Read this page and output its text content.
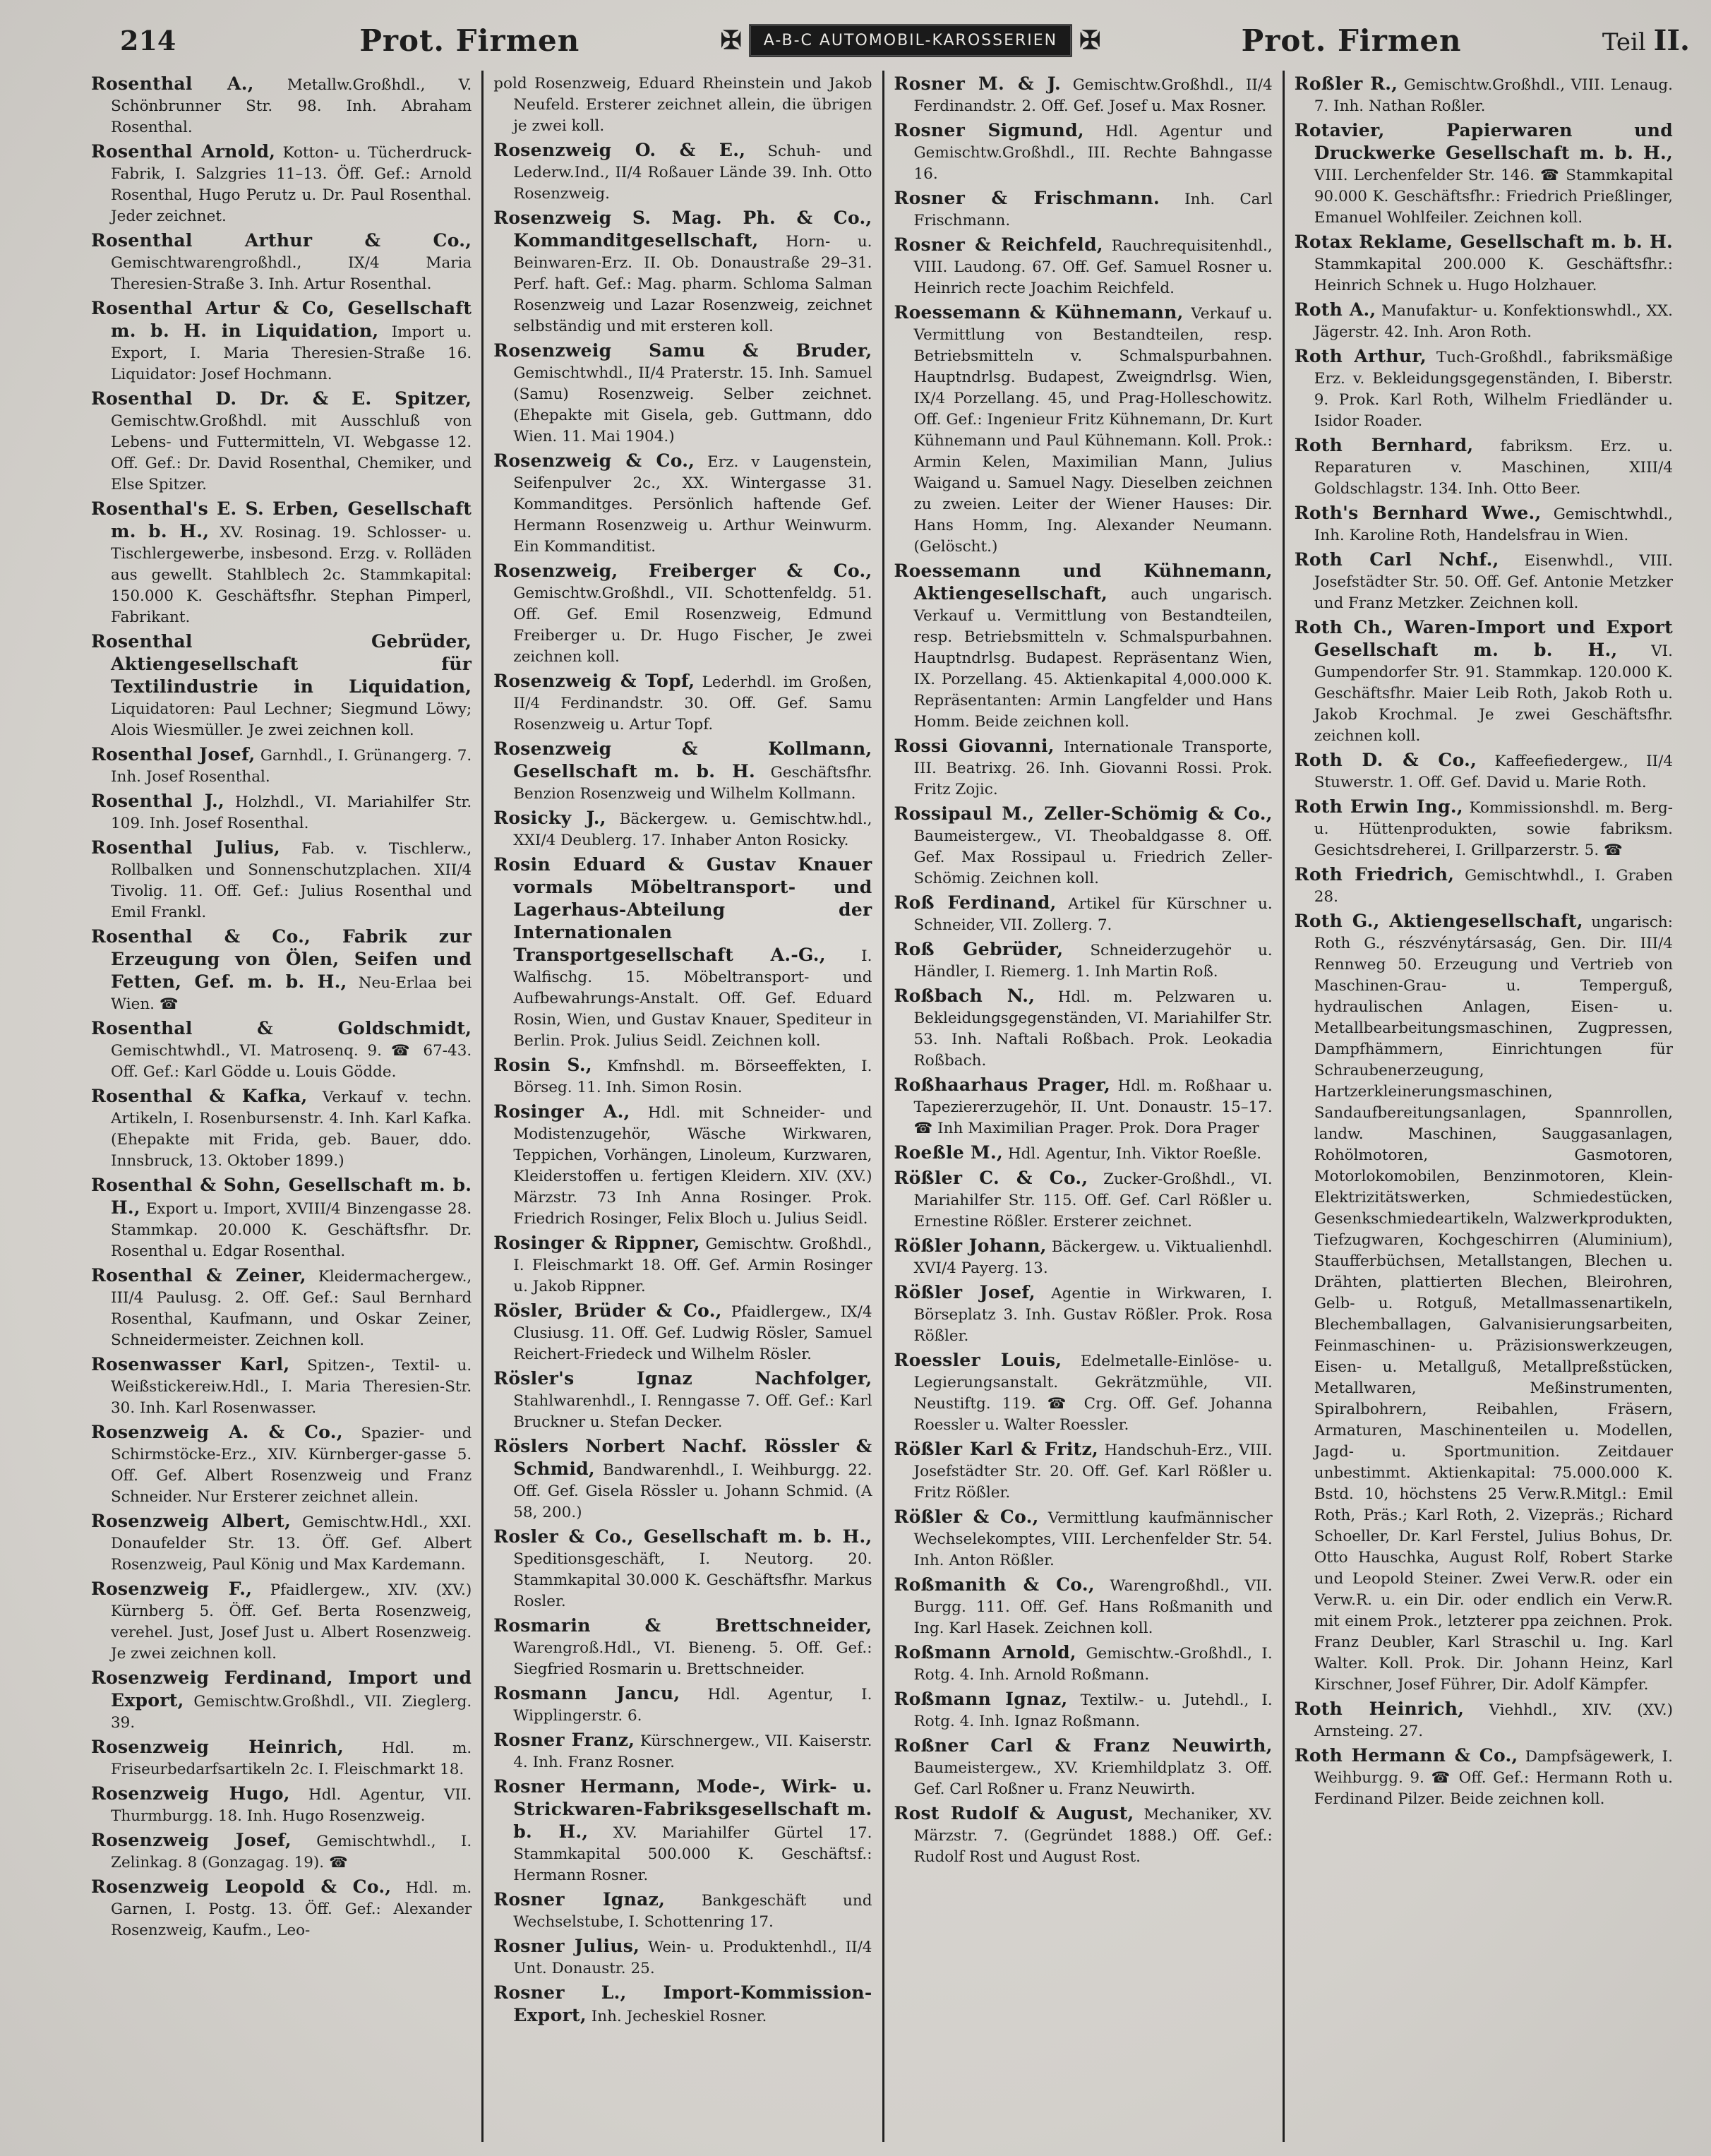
214	Prot. Firmen	✠	A-B-C AUTOMOBIL-KAROSSERIEN ✠	Prot. Firmen	Teil II.

Rosenthal A., Metallw.Großhdl., V. Schönbrunner Str. 98. Inh. Abraham Rosenthal.

Rosenthal Arnold, Kotton- u. Tücherdruck-Fabrik, I. Salzgries 11–13. Öff. Gef.: Arnold Rosenthal, Hugo Perutz u. Dr. Paul Rosenthal. Jeder zeichnet.

Rosenthal Arthur & Co., Gemischtwarengroßhdl., IX/4 Maria Theresien-Straße 3. Inh. Artur Rosenthal.

Rosenthal Artur & Co, Gesellschaft m. b. H. in Liquidation, Import u. Export, I. Maria Theresien-Straße 16. Liquidator: Josef Hochmann.

Rosenthal D. Dr. & E. Spitzer, Gemischtw.Großhdl. mit Ausschluß von Lebens- und Futtermitteln, VI. Webgasse 12. Off. Gef.: Dr. David Rosenthal, Chemiker, und Else Spitzer.

Rosenthal's E. S. Erben, Gesellschaft m. b. H., XV. Rosinag. 19. Schlosser- u. Tischlergewerbe, insbesond. Erzg. v. Rolläden aus gewellt. Stahlblech 2c. Stammkapital: 150.000 K. Geschäftsfhr. Stephan Pimperl, Fabrikant.

Rosenthal Gebrüder, Aktiengesellschaft für Textilindustrie in Liquidation, Liquidatoren: Paul Lechner; Siegmund Löwy; Alois Wiesmüller. Je zwei zeichnen koll.

Rosenthal Josef, Garnhdl., I. Grünangerg. 7. Inh. Josef Rosenthal.

Rosenthal J., Holzhdl., VI. Mariahilfer Str. 109. Inh. Josef Rosenthal.

Rosenthal Julius, Fab. v. Tischlerw., Rollbalken und Sonnenschutzplachen. XII/4 Tivolig. 11. Off. Gef.: Julius Rosenthal und Emil Frankl.

Rosenthal & Co., Fabrik zur Erzeugung von Ölen, Seifen und Fetten, Gef. m. b. H., Neu-Erlaa bei Wien. ☎

Rosenthal & Goldschmidt, Gemischtwhdl., VI. Matrosenq. 9. ☎ 67-43. Off. Gef.: Karl Gödde u. Louis Gödde.

Rosenthal & Kafka, Verkauf v. techn. Artikeln, I. Rosenbursenstr. 4. Inh. Karl Kafka. (Ehepakte mit Frida, geb. Bauer, ddo. Innsbruck, 13. Oktober 1899.)

Rosenthal & Sohn, Gesellschaft m. b. H., Export u. Import, XVIII/4 Binzengasse 28. Stammkap. 20.000 K. Geschäftsfhr. Dr. Rosenthal u. Edgar Rosenthal.

Rosenthal & Zeiner, Kleidermachergew., III/4 Paulusg. 2. Off. Gef.: Saul Bernhard Rosenthal, Kaufmann, und Oskar Zeiner, Schneidermeister. Zeichnen koll.

Rosenwasser Karl, Spitzen-, Textil- u. Weißstickereiw.Hdl., I. Maria Theresien-Str. 30. Inh. Karl Rosenwasser.

Rosenzweig A. & Co., Spazier- und Schirmstöcke-Erz., XIV. Kürnberger-gasse 5. Off. Gef. Albert Rosenzweig und Franz Schneider. Nur Ersterer zeichnet allein.

Rosenzweig Albert, Gemischtw.Hdl., XXI. Donaufelder Str. 13. Öff. Gef. Albert Rosenzweig, Paul König und Max Kardemann.

Rosenzweig F., Pfaidlergew., XIV. (XV.) Kürnberg 5. Öff. Gef. Berta Rosenzweig, verehel. Just, Josef Just u. Albert Rosenzweig. Je zwei zeichnen koll.

Rosenzweig Ferdinand, Import und Export, Gemischtw.Großhdl., VII. Zieglerg. 39.

Rosenzweig Heinrich, Hdl. m. Friseurbedarfsartikeln 2c. I. Fleischmarkt 18.

Rosenzweig Hugo, Hdl. Agentur, VII. Thurmburgg. 18. Inh. Hugo Rosenzweig.

Rosenzweig Josef, Gemischtwhdl., I. Zelinkag. 8 (Gonzagag. 19). ☎

Rosenzweig Leopold & Co., Hdl. m. Garnen, I. Postg. 13. Öff. Gef.: Alexander Rosenzweig, Kaufm., Leo-

pold Rosenzweig, Eduard Rheinstein und Jakob Neufeld. Ersterer zeichnet allein, die übrigen je zwei koll.

Rosenzweig O. & E., Schuh- und Lederw.Ind., II/4 Roßauer Lände 39. Inh. Otto Rosenzweig.

Rosenzweig S. Mag. Ph. & Co., Kommanditgesellschaft, Horn- u. Beinwaren-Erz. II. Ob. Donaustraße 29–31. Perf. haft. Gef.: Mag. pharm. Schloma Salman Rosenzweig und Lazar Rosenzweig, zeichnet selbständig und mit ersteren koll.

Rosenzweig Samu & Bruder, Gemischtwhdl., II/4 Praterstr. 15. Inh. Samuel (Samu) Rosenzweig. Selber zeichnet. (Ehepakte mit Gisela, geb. Guttmann, ddo Wien. 11. Mai 1904.)

Rosenzweig & Co., Erz. v Laugenstein, Seifenpulver 2c., XX. Wintergasse 31. Kommanditges. Persönlich haftende Gef. Hermann Rosenzweig u. Arthur Weinwurm. Ein Kommanditist.

Rosenzweig, Freiberger & Co., Gemischtw.Großhdl., VII. Schottenfeldg. 51. Off. Gef. Emil Rosenzweig, Edmund Freiberger u. Dr. Hugo Fischer, Je zwei zeichnen koll.

Rosenzweig & Topf, Lederhdl. im Großen, II/4 Ferdinandstr. 30. Off. Gef. Samu Rosenzweig u. Artur Topf.

Rosenzweig & Kollmann, Gesellschaft m. b. H. Geschäftsfhr. Benzion Rosenzweig und Wilhelm Kollmann.

Rosicky J., Bäckergew. u. Gemischtw.hdl., XXI/4 Deublerg. 17. Inhaber Anton Rosicky.

Rosin Eduard & Gustav Knauer vormals Möbeltransport- und Lagerhaus-Abteilung der Internationalen Transportgesellschaft A.-G., I. Walfischg. 15. Möbeltransport- und Aufbewahrungs-Anstalt. Off. Gef. Eduard Rosin, Wien, und Gustav Knauer, Spediteur in Berlin. Prok. Julius Seidl. Zeichnen koll.

Rosin S., Kmfnshdl. m. Börseeffekten, I. Börseg. 11. Inh. Simon Rosin.

Rosinger A., Hdl. mit Schneider- und Modistenzugehör, Wäsche Wirkwaren, Teppichen, Vorhängen, Linoleum, Kurzwaren, Kleiderstoffen u. fertigen Kleidern. XIV. (XV.) Märzstr. 73 Inh Anna Rosinger. Prok. Friedrich Rosinger, Felix Bloch u. Julius Seidl.

Rosinger & Rippner, Gemischtw. Großhdl., I. Fleischmarkt 18. Off. Gef. Armin Rosinger u. Jakob Rippner.

Rösler, Brüder & Co., Pfaidlergew., IX/4 Clusiusg. 11. Off. Gef. Ludwig Rösler, Samuel Reichert-Friedeck und Wilhelm Rösler.

Rösler's Ignaz Nachfolger, Stahlwarenhdl., I. Renngasse 7. Off. Gef.: Karl Bruckner u. Stefan Decker.

Röslers Norbert Nachf. Rössler & Schmid, Bandwarenhdl., I. Weihburgg. 22. Off. Gef. Gisela Rössler u. Johann Schmid. (A 58, 200.)

Rosler & Co., Gesellschaft m. b. H., Speditionsgeschäft, I. Neutorg. 20. Stammkapital 30.000 K. Geschäftsfhr. Markus Rosler.

Rosmarin & Brettschneider, Warengroß.Hdl., VI. Bieneng. 5. Off. Gef.: Siegfried Rosmarin u. Brettschneider.

Rosmann Jancu, Hdl. Agentur, I. Wipplingerstr. 6.

Rosner Franz, Kürschnergew., VII. Kaiserstr. 4. Inh. Franz Rosner.

Rosner Hermann, Mode-, Wirk- u. Strickwaren-Fabriksgesellschaft m. b. H., XV. Mariahilfer Gürtel 17. Stammkapital 500.000 K. Geschäftsf.: Hermann Rosner.

Rosner Ignaz, Bankgeschäft und Wechselstube, I. Schottenring 17.

Rosner Julius, Wein- u. Produktenhdl., II/4 Unt. Donaustr. 25.

Rosner L., Import-Kommission-Export, Inh. Jecheskiel Rosner.

Rosner M. & J. Gemischtw.Großhdl., II/4 Ferdinandstr. 2. Off. Gef. Josef u. Max Rosner.

Rosner Sigmund, Hdl. Agentur und Gemischtw.Großhdl., III. Rechte Bahngasse 16.

Rosner & Frischmann. Inh. Carl Frischmann.

Rosner & Reichfeld, Rauchrequisitenhdl., VIII. Laudong. 67. Off. Gef. Samuel Rosner u. Heinrich recte Joachim Reichfeld.

Roessemann & Kühnemann, Verkauf u. Vermittlung von Bestandteilen, resp. Betriebsmitteln v. Schmalspurbahnen. Hauptndrlsg. Budapest, Zweigndrlsg. Wien, IX/4 Porzellang. 45, und Prag-Holleschowitz. Off. Gef.: Ingenieur Fritz Kühnemann, Dr. Kurt Kühnemann und Paul Kühnemann. Koll. Prok.: Armin Kelen, Maximilian Mann, Julius Waigand u. Samuel Nagy. Dieselben zeichnen zu zweien. Leiter der Wiener Hauses: Dir. Hans Homm, Ing. Alexander Neumann. (Gelöscht.)

Roessemann und Kühnemann, Aktiengesellschaft, auch ungarisch. Verkauf u. Vermittlung von Bestandteilen, resp. Betriebsmitteln v. Schmalspurbahnen. Hauptndrlsg. Budapest. Repräsentanz Wien, IX. Porzellang. 45. Aktienkapital 4,000.000 K. Repräsentanten: Armin Langfelder und Hans Homm. Beide zeichnen koll.

Rossi Giovanni, Internationale Transporte, III. Beatrixg. 26. Inh. Giovanni Rossi. Prok. Fritz Zojic.

Rossipaul M., Zeller-Schömig & Co., Baumeistergew., VI. Theobaldgasse 8. Off. Gef. Max Rossipaul u. Friedrich Zeller-Schömig. Zeichnen koll.

Roß Ferdinand, Artikel für Kürschner u. Schneider, VII. Zollerg. 7.

Roß Gebrüder, Schneiderzugehör u. Händler, I. Riemerg. 1. Inh Martin Roß.

Roßbach N., Hdl. m. Pelzwaren u. Bekleidungsgegenständen, VI. Mariahilfer Str. 53. Inh. Naftali Roßbach. Prok. Leokadia Roßbach.

Roßhaarhaus Prager, Hdl. m. Roßhaar u. Tapeziererzugehör, II. Unt. Donaustr. 15–17. ☎ Inh Maximilian Prager. Prok. Dora Prager

Roeßle M., Hdl. Agentur, Inh. Viktor Roeßle.

Rößler C. & Co., Zucker-Großhdl., VI. Mariahilfer Str. 115. Off. Gef. Carl Rößler u. Ernestine Rößler. Ersterer zeichnet.

Rößler Johann, Bäckergew. u. Viktualienhdl. XVI/4 Payerg. 13.

Rößler Josef, Agentie in Wirkwaren, I. Börseplatz 3. Inh. Gustav Rößler. Prok. Rosa Rößler.

Roessler Louis, Edelmetalle-Einlöse- u. Legierungsanstalt. Gekrätzmühle, VII. Neustiftg. 119. ☎ Crg. Off. Gef. Johanna Roessler u. Walter Roessler.

Rößler Karl & Fritz, Handschuh-Erz., VIII. Josefstädter Str. 20. Off. Gef. Karl Rößler u. Fritz Rößler.

Rößler & Co., Vermittlung kaufmännischer Wechselekomptes, VIII. Lerchenfelder Str. 54. Inh. Anton Rößler.

Roßmanith & Co., Warengroßhdl., VII. Burgg. 111. Off. Gef. Hans Roßmanith und Ing. Karl Hasek. Zeichnen koll.

Roßmann Arnold, Gemischtw.-Großhdl., I. Rotg. 4. Inh. Arnold Roßmann.

Roßmann Ignaz, Textilw.- u. Jutehdl., I. Rotg. 4. Inh. Ignaz Roßmann.

Roßner Carl & Franz Neuwirth, Baumeistergew., XV. Kriemhildplatz 3. Off. Gef. Carl Roßner u. Franz Neuwirth.

Rost Rudolf & August, Mechaniker, XV. Märzstr. 7. (Gegründet 1888.) Off. Gef.: Rudolf Rost und August Rost.

Roßler R., Gemischtw.Großhdl., VIII. Lenaug. 7. Inh. Nathan Roßler.

Rotavier, Papierwaren und Druckwerke Gesellschaft m. b. H., VIII. Lerchenfelder Str. 146. ☎ Stammkapital 90.000 K. Geschäftsfhr.: Friedrich Prießlinger, Emanuel Wohlfeiler. Zeichnen koll.

Rotax Reklame, Gesellschaft m. b. H. Stammkapital 200.000 K. Geschäftsfhr.: Heinrich Schnek u. Hugo Holzhauer.

Roth A., Manufaktur- u. Konfektionswhdl., XX. Jägerstr. 42. Inh. Aron Roth.

Roth Arthur, Tuch-Großhdl., fabriksmäßige Erz. v. Bekleidungsgegenständen, I. Biberstr. 9. Prok. Karl Roth, Wilhelm Friedländer u. Isidor Roader.

Roth Bernhard, fabriksm. Erz. u. Reparaturen v. Maschinen, XIII/4 Goldschlagstr. 134. Inh. Otto Beer.

Roth's Bernhard Wwe., Gemischtwhdl., Inh. Karoline Roth, Handelsfrau in Wien.

Roth Carl Nchf., Eisenwhdl., VIII. Josefstädter Str. 50. Off. Gef. Antonie Metzker und Franz Metzker. Zeichnen koll.

Roth Ch., Waren-Import und Export Gesellschaft m. b. H., VI. Gumpendorfer Str. 91. Stammkap. 120.000 K. Geschäftsfhr. Maier Leib Roth, Jakob Roth u. Jakob Krochmal. Je zwei Geschäftsfhr. zeichnen koll.

Roth D. & Co., Kaffeefiedergew., II/4 Stuwerstr. 1. Off. Gef. David u. Marie Roth.

Roth Erwin Ing., Kommissionshdl. m. Berg- u. Hüttenprodukten, sowie fabriksm. Gesichtsdreherei, I. Grillparzerstr. 5. ☎

Roth Friedrich, Gemischtwhdl., I. Graben 28.

Roth G., Aktiengesellschaft, ungarisch: Roth G., részvénytársaság, Gen. Dir. III/4 Rennweg 50. Erzeugung und Vertrieb von Maschinen-Grau- u. Temperguß, hydraulischen Anlagen, Eisen- u. Metallbearbeitungsmaschinen, Zugpressen, Dampfhämmern, Einrichtungen für Schraubenerzeugung, Hartzerkleinerungsmaschinen, Sandaufbereitungsanlagen, Spannrollen, landw. Maschinen, Sauggasanlagen, Rohölmotoren, Gasmotoren, Motorlokomobilen, Benzinmotoren, Klein-Elektrizitätswerken, Schmiedestücken, Gesenkschmiedeartikeln, Walzwerkprodukten, Tiefzugwaren, Kochgeschirren (Aluminium), Staufferbüchsen, Metallstangen, Blechen u. Drähten, plattierten Blechen, Bleirohren, Gelb- u. Rotguß, Metallmassenartikeln, Blechemballagen, Galvanisierungsarbeiten, Feinmaschinen- u. Präzisionswerkzeugen, Eisen- u. Metallguß, Metallpreßstücken, Metallwaren, Meßinstrumenten, Spiralbohrern, Reibahlen, Fräsern, Armaturen, Maschinenteilen u. Modellen, Jagd- u. Sportmunition. Zeitdauer unbestimmt. Aktienkapital: 75.000.000 K. Bstd. 10, höchstens 25 Verw.R.Mitgl.: Emil Roth, Präs.; Karl Roth, 2. Vizepräs.; Richard Schoeller, Dr. Karl Ferstel, Julius Bohus, Dr. Otto Hauschka, August Rolf, Robert Starke und Leopold Steiner. Zwei Verw.R. oder ein Verw.R. u. ein Dir. oder endlich ein Verw.R. mit einem Prok., letzterer ppa zeichnen. Prok. Franz Deubler, Karl Straschil u. Ing. Karl Walter. Koll. Prok. Dir. Johann Heinz, Karl Kirschner, Josef Führer, Dir. Adolf Kämpfer.

Roth Heinrich, Viehhdl., XIV. (XV.) Arnsteing. 27.

Roth Hermann & Co., Dampfsägewerk, I. Weihburgg. 9. ☎ Off. Gef.: Hermann Roth u. Ferdinand Pilzer. Beide zeichnen koll.
